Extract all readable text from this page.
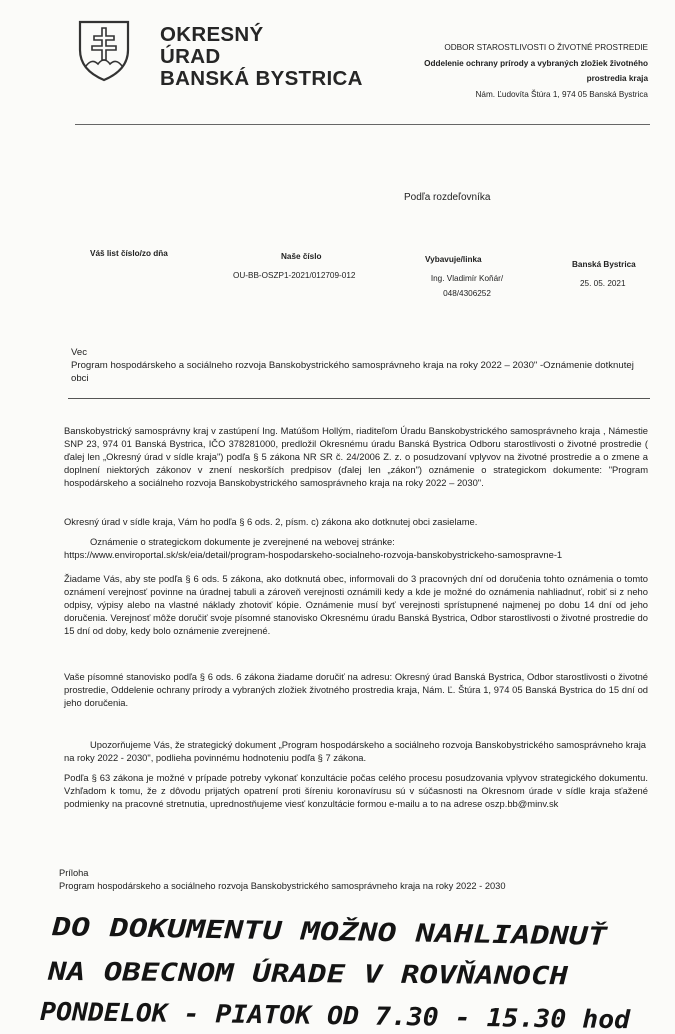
OKRESNÝ
ÚRAD
BANSKÁ BYSTRICA
ODBOR STAROSTLIVOSTI O ŽIVOTNÉ PROSTREDIE
Oddelenie ochrany prírody a vybraných zložiek životného
prostredia kraja
Nám. Ľudovíta Štúra 1, 974 05 Banská Bystrica
Podľa rozdeľovníka
Váš list číslo/zo dňa	Naše číslo
OU-BB-OSZP1-2021/012709-012
Vybavuje/linka
Ing. Vladimír Koňár/
048/4306252
Banská Bystrica
25. 05. 2021
Vec
Program hospodárskeho a sociálneho rozvoja Banskobystrického samosprávneho kraja na roky 2022 – 2030" -Oznámenie dotknutej obci
Banskobystrický samosprávny kraj v zastúpení Ing. Matúšom Hollým, riaditeľom Úradu Banskobystrického samosprávneho kraja , Námestie SNP 23, 974 01 Banská Bystrica, IČO 378281000, predložil Okresnému úradu Banská Bystrica Odboru starostlivosti o životné prostredie ( ďalej len „Okresný úrad v sídle kraja") podľa § 5 zákona NR SR č. 24/2006 Z. z. o posudzovaní vplyvov na životné prostredie a o zmene a doplnení niektorých zákonov v znení neskorších predpisov (ďalej len „zákon") oznámenie o strategickom dokumente: "Program hospodárskeho a sociálneho rozvoja Banskobystrického samosprávneho kraja na roky 2022 – 2030".
Okresný úrad v sídle kraja, Vám ho podľa § 6 ods. 2, písm. c) zákona ako dotknutej obci zasielame.
Oznámenie o strategickom dokumente je zverejnené na webovej stránke:
https://www.enviroportal.sk/sk/eia/detail/program-hospodarskeho-socialneho-rozvoja-banskobystrickeho-samospravne-1
Žiadame Vás, aby ste podľa § 6 ods. 5 zákona, ako dotknutá obec, informovali do 3 pracovných dní od doručenia tohto oznámenia o tomto oznámení verejnosť povinne na úradnej tabuli a zároveň verejnosti oznámili kedy a kde je možné do oznámenia nahliadnuť, robiť si z neho odpisy, výpisy alebo na vlastné náklady zhotoviť kópie. Oznámenie musí byť verejnosti sprístupnené najmenej po dobu 14 dní od jeho doručenia. Verejnosť môže doručiť svoje písomné stanovisko Okresnému úradu Banská Bystrica, Odbor starostlivosti o životné prostredie do 15 dní od doby, kedy bolo oznámenie zverejnené.
Vaše písomné stanovisko podľa § 6 ods. 6 zákona žiadame doručiť na adresu: Okresný úrad Banská Bystrica, Odbor starostlivosti o životné prostredie, Oddelenie ochrany prírody a vybraných zložiek životného prostredia kraja, Nám. Ľ. Štúra 1, 974 05 Banská Bystrica do 15 dní od jeho doručenia.
Upozorňujeme Vás, že strategický dokument „Program hospodárskeho a sociálneho rozvoja Banskobystrického samosprávneho kraja na roky 2022 - 2030", podlieha povinnému hodnoteniu podľa § 7 zákona.
Podľa § 63 zákona je možné v prípade potreby vykonať konzultácie počas celého procesu posudzovania vplyvov strategického dokumentu. Vzhľadom k tomu, že z dôvodu prijatých opatrení proti šíreniu koronavírusu sú v súčasnosti na Okresnom úrade v sídle kraja sťažené podmienky na pracovné stretnutia, uprednostňujeme viesť konzultácie formou e-mailu a to na adrese oszp.bb@minv.sk
Príloha
Program hospodárskeho a sociálneho rozvoja Banskobystrického samosprávneho kraja na roky 2022 - 2030
DO DOKUMENTU MOŽNO NAHLIADNUŤ
NA OBECNOM ÚRADE V ROVŇANOCH
PONDELOK - PIATOK OD 7.30 - 15.30 hod
